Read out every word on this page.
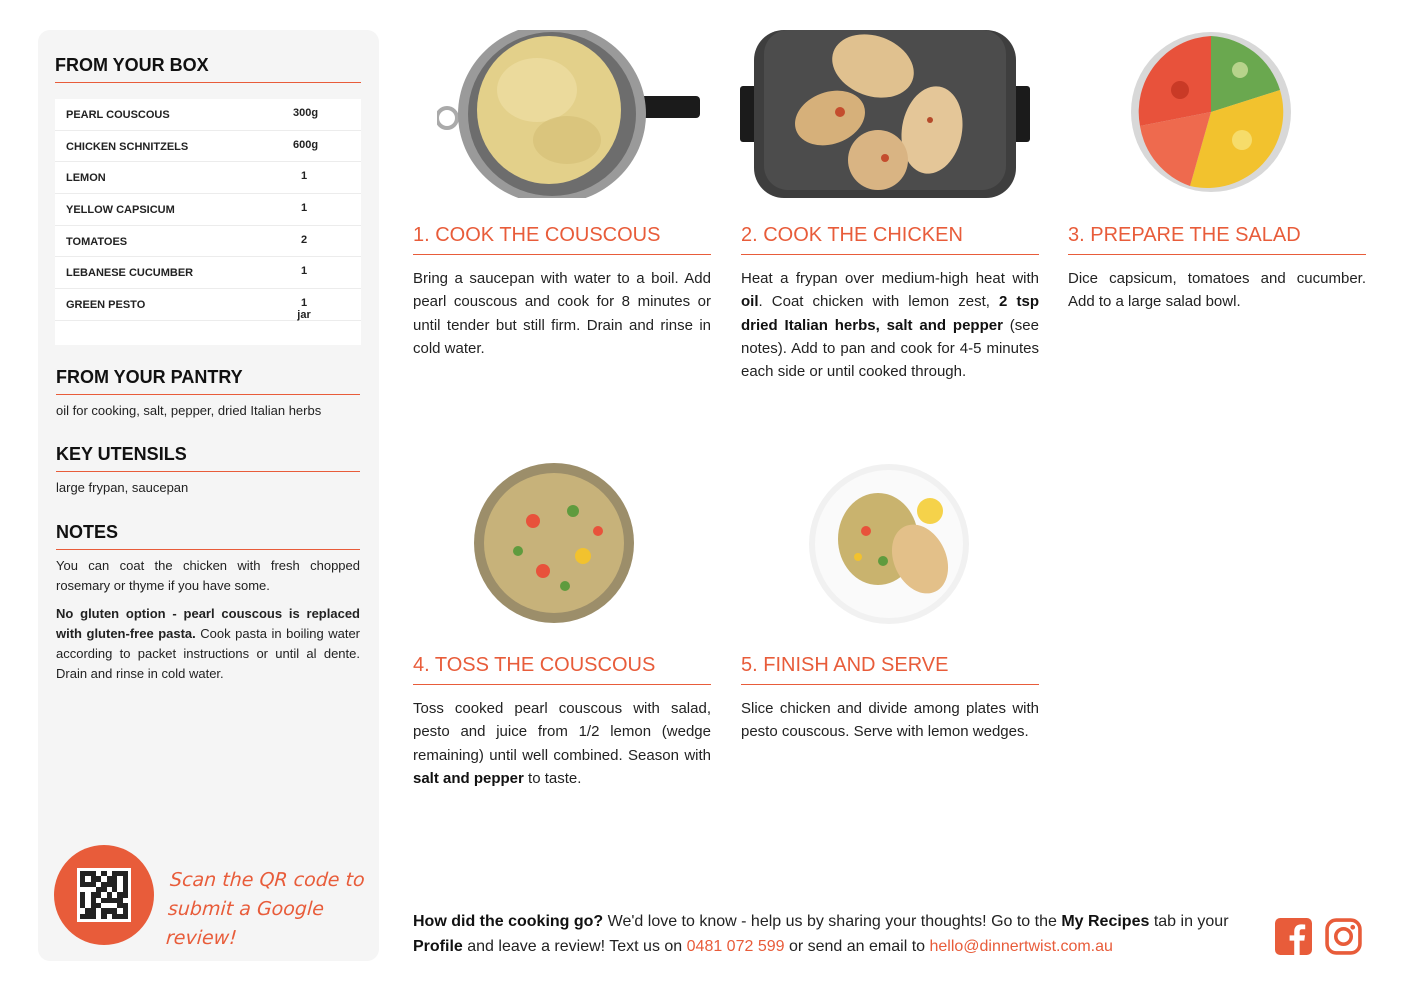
FROM YOUR BOX
PEARL COUSCOUS	300g
CHICKEN SCHNITZELS	600g
LEMON	1
YELLOW CAPSICUM	1
TOMATOES	2
LEBANESE CUCUMBER	1
GREEN PESTO	1 jar
FROM YOUR PANTRY
oil for cooking, salt, pepper, dried Italian herbs
KEY UTENSILS
large frypan, saucepan
NOTES
You can coat the chicken with fresh chopped rosemary or thyme if you have some.
No gluten option - pearl couscous is replaced with gluten-free pasta. Cook pasta in boiling water according to packet instructions or until al dente. Drain and rinse in cold water.
Scan the QR code to
submit a Google review!
1. COOK THE COUSCOUS
Bring a saucepan with water to a boil. Add pearl couscous and cook for 8 minutes or until tender but still firm. Drain and rinse in cold water.
2. COOK THE CHICKEN
Heat a frypan over medium-high heat with oil. Coat chicken with lemon zest, 2 tsp dried Italian herbs, salt and pepper (see notes). Add to pan and cook for 4-5 minutes each side or until cooked through.
3. PREPARE THE SALAD
Dice capsicum, tomatoes and cucumber. Add to a large salad bowl.
4. TOSS THE COUSCOUS
Toss cooked pearl couscous with salad, pesto and juice from 1/2 lemon (wedge remaining) until well combined. Season with salt and pepper to taste.
5. FINISH AND SERVE
Slice chicken and divide among plates with pesto couscous. Serve with lemon wedges.
How did the cooking go? We'd love to know - help us by sharing your thoughts! Go to the My Recipes tab in your Profile and leave a review! Text us on 0481 072 599 or send an email to hello@dinnertwist.com.au
